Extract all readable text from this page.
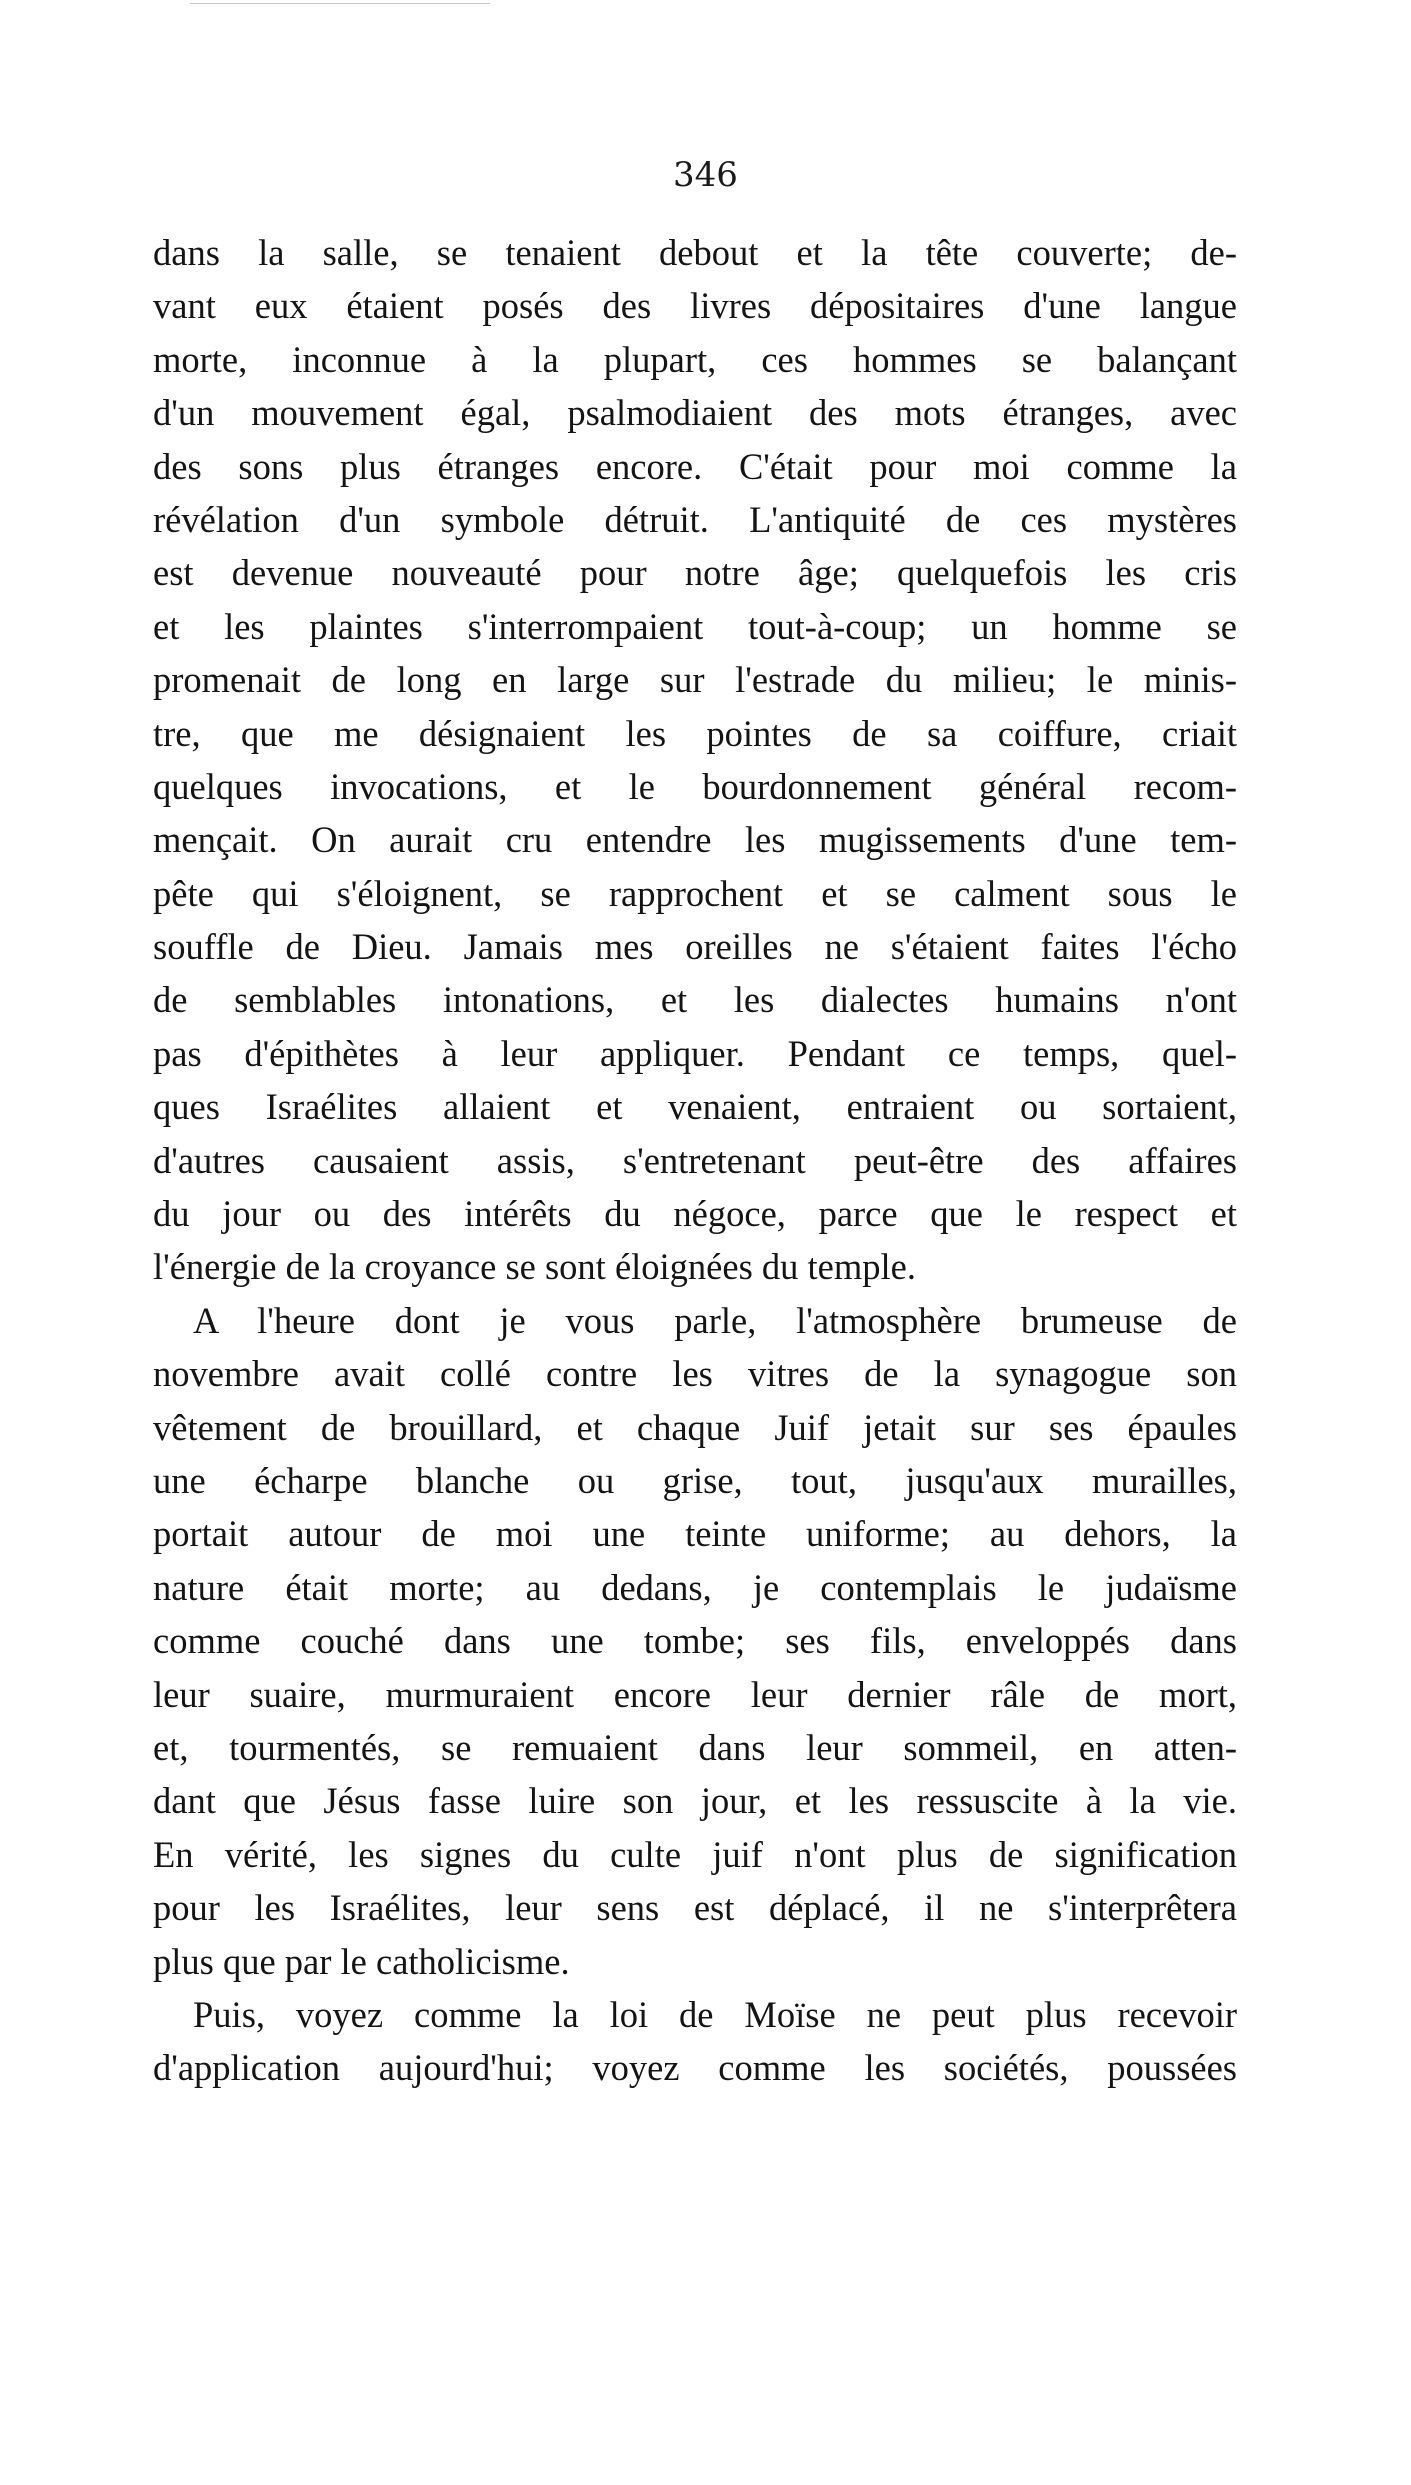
346

dans la salle, se tenaient debout et la tête couverte; de-
vant eux étaient posés des livres dépositaires d'une langue
morte, inconnue à la plupart, ces hommes se balançant
d'un mouvement égal, psalmodiaient des mots étranges, avec
des sons plus étranges encore. C'était pour moi comme la
révélation d'un symbole détruit. L'antiquité de ces mystères
est devenue nouveauté pour notre âge; quelquefois les cris
et les plaintes s'interrompaient tout-à-coup; un homme se
promenait de long en large sur l'estrade du milieu; le minis-
tre, que me désignaient les pointes de sa coiffure, criait
quelques invocations, et le bourdonnement général recom-
mençait. On aurait cru entendre les mugissements d'une tem-
pête qui s'éloignent, se rapprochent et se calment sous le
souffle de Dieu. Jamais mes oreilles ne s'étaient faites l'écho
de semblables intonations, et les dialectes humains n'ont
pas d'épithètes à leur appliquer. Pendant ce temps, quel-
ques Israélites allaient et venaient, entraient ou sortaient,
d'autres causaient assis, s'entretenant peut-être des affaires
du jour ou des intérêts du négoce, parce que le respect et
l'énergie de la croyance se sont éloignées du temple.

A l'heure dont je vous parle, l'atmosphère brumeuse de
novembre avait collé contre les vitres de la synagogue son
vêtement de brouillard, et chaque Juif jetait sur ses épaules
une écharpe blanche ou grise, tout, jusqu'aux murailles,
portait autour de moi une teinte uniforme; au dehors, la
nature était morte; au dedans, je contemplais le judaïsme
comme couché dans une tombe; ses fils, enveloppés dans
leur suaire, murmuraient encore leur dernier râle de mort,
et, tourmentés, se remuaient dans leur sommeil, en atten-
dant que Jésus fasse luire son jour, et les ressuscite à la vie.
En vérité, les signes du culte juif n'ont plus de signification
pour les Israélites, leur sens est déplacé, il ne s'interprêtera
plus que par le catholicisme.

Puis, voyez comme la loi de Moïse ne peut plus recevoir
d'application aujourd'hui; voyez comme les sociétés, poussées
